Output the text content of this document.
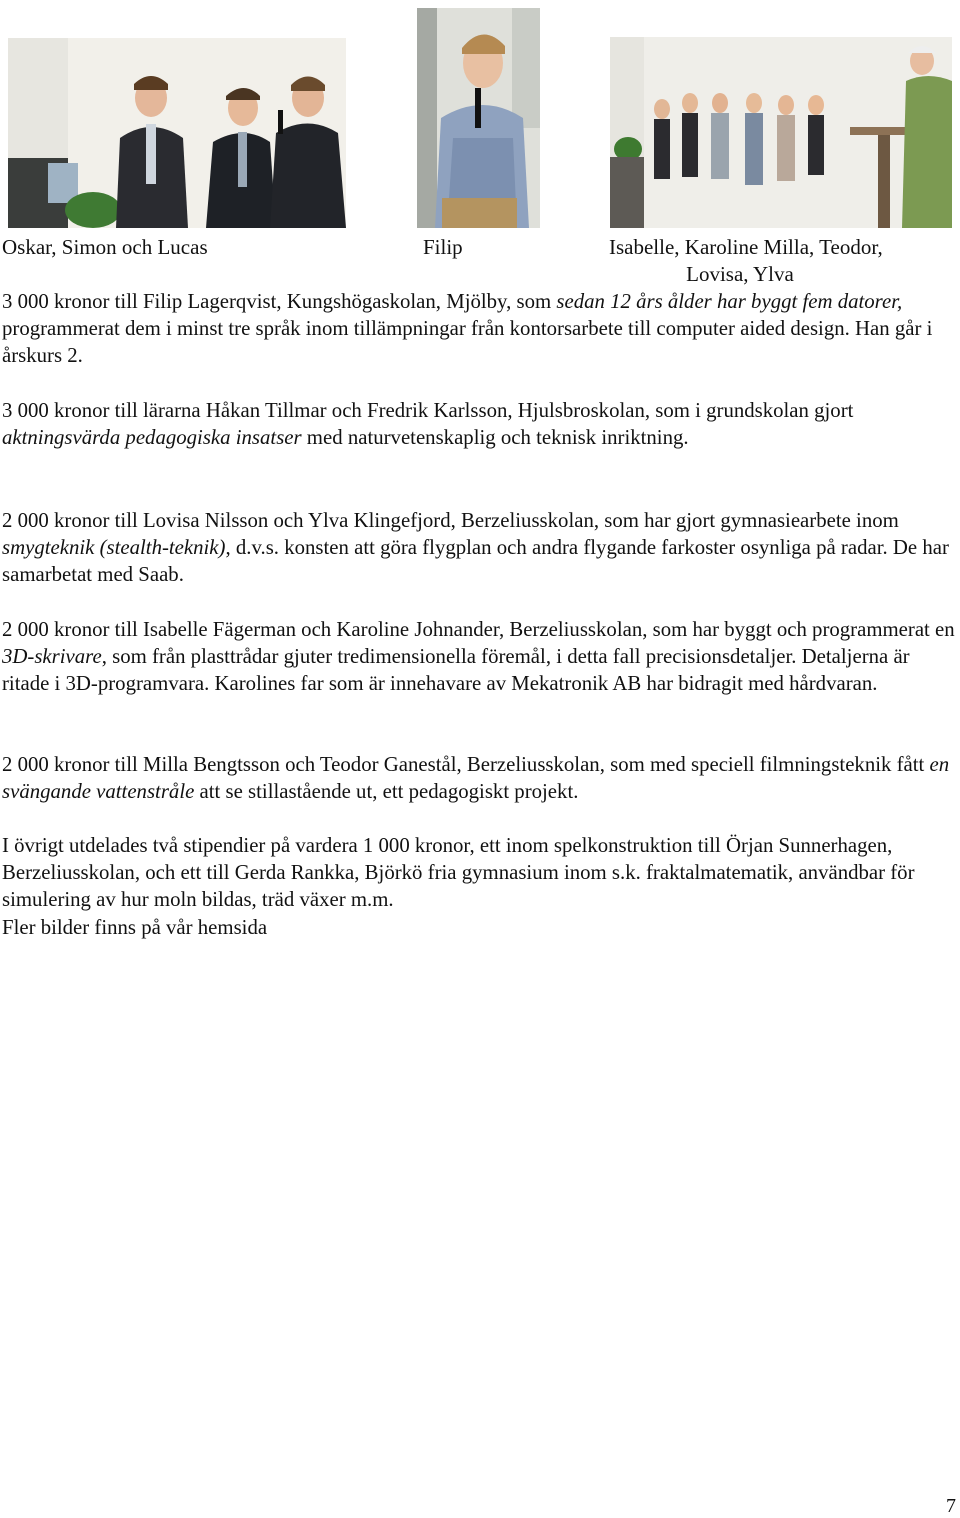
Oskar, Simon och Lucas	Filip	Isabelle, Karoline Milla, Teodor,
Lovisa, Ylva

3 000 kronor till Filip Lagerqvist, Kungshögaskolan, Mjölby, som sedan 12 års ålder har byggt fem datorer, programmerat dem i minst tre språk inom tillämpningar från kontorsarbete till computer aided design. Han går i årskurs 2.

3 000 kronor till lärarna Håkan Tillmar och Fredrik Karlsson, Hjulsbroskolan, som i grundskolan gjort aktningsvärda pedagogiska insatser med naturvetenskaplig och teknisk inriktning.

2 000 kronor till Lovisa Nilsson och Ylva Klingefjord, Berzeliusskolan, som har gjort gymnasiearbete inom smygteknik (stealth-teknik), d.v.s. konsten att göra flygplan och andra flygande farkoster osynliga på radar. De har samarbetat med Saab.

2 000 kronor till Isabelle Fägerman och Karoline Johnander, Berzeliusskolan, som har byggt och programmerat en 3D-skrivare, som från plasttrådar gjuter tredimensionella föremål, i detta fall precisionsdetaljer. Detaljerna är ritade i 3D-programvara. Karolines far som är innehavare av Mekatronik AB har bidragit med hårdvaran.

2 000 kronor till Milla Bengtsson och Teodor Ganestål, Berzeliusskolan, som med speciell filmningsteknik fått en svängande vattenstråle att se stillastående ut, ett pedagogiskt projekt.

I övrigt utdelades två stipendier på vardera 1 000 kronor, ett inom spelkonstruktion till Örjan Sunnerhagen, Berzeliusskolan, och ett till Gerda Rankka, Björkö fria gymnasium inom s.k. fraktalmatematik, användbar för simulering av hur moln bildas, träd växer m.m.

Fler bilder finns på vår hemsida

7
